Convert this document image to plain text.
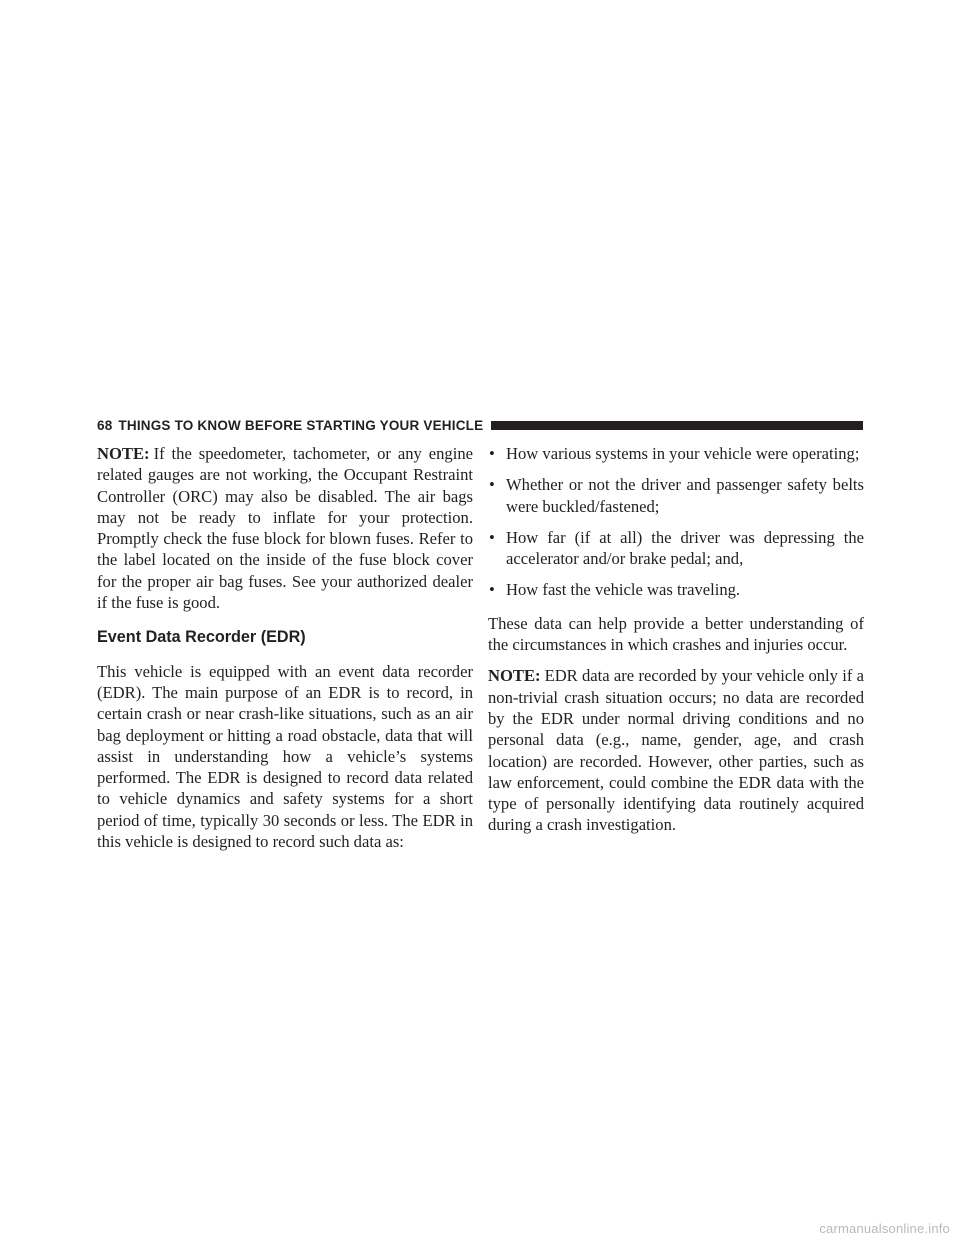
68 THINGS TO KNOW BEFORE STARTING YOUR VEHICLE

NOTE: If the speedometer, tachometer, or any engine related gauges are not working, the Occupant Restraint Controller (ORC) may also be disabled. The air bags may not be ready to inflate for your protection. Promptly check the fuse block for blown fuses. Refer to the label located on the inside of the fuse block cover for the proper air bag fuses. See your authorized dealer if the fuse is good.

Event Data Recorder (EDR)

This vehicle is equipped with an event data recorder (EDR). The main purpose of an EDR is to record, in certain crash or near crash-like situations, such as an air bag deployment or hitting a road obstacle, data that will assist in understanding how a vehicle’s systems performed. The EDR is designed to record data related to vehicle dynamics and safety systems for a short period of time, typically 30 seconds or less. The EDR in this vehicle is designed to record such data as:

• How various systems in your vehicle were operating;
• Whether or not the driver and passenger safety belts were buckled/fastened;
• How far (if at all) the driver was depressing the accelerator and/or brake pedal; and,
• How fast the vehicle was traveling.

These data can help provide a better understanding of the circumstances in which crashes and injuries occur.

NOTE: EDR data are recorded by your vehicle only if a non-trivial crash situation occurs; no data are recorded by the EDR under normal driving conditions and no personal data (e.g., name, gender, age, and crash location) are recorded. However, other parties, such as law enforcement, could combine the EDR data with the type of personally identifying data routinely acquired during a crash investigation.

carmanualsonline.info
